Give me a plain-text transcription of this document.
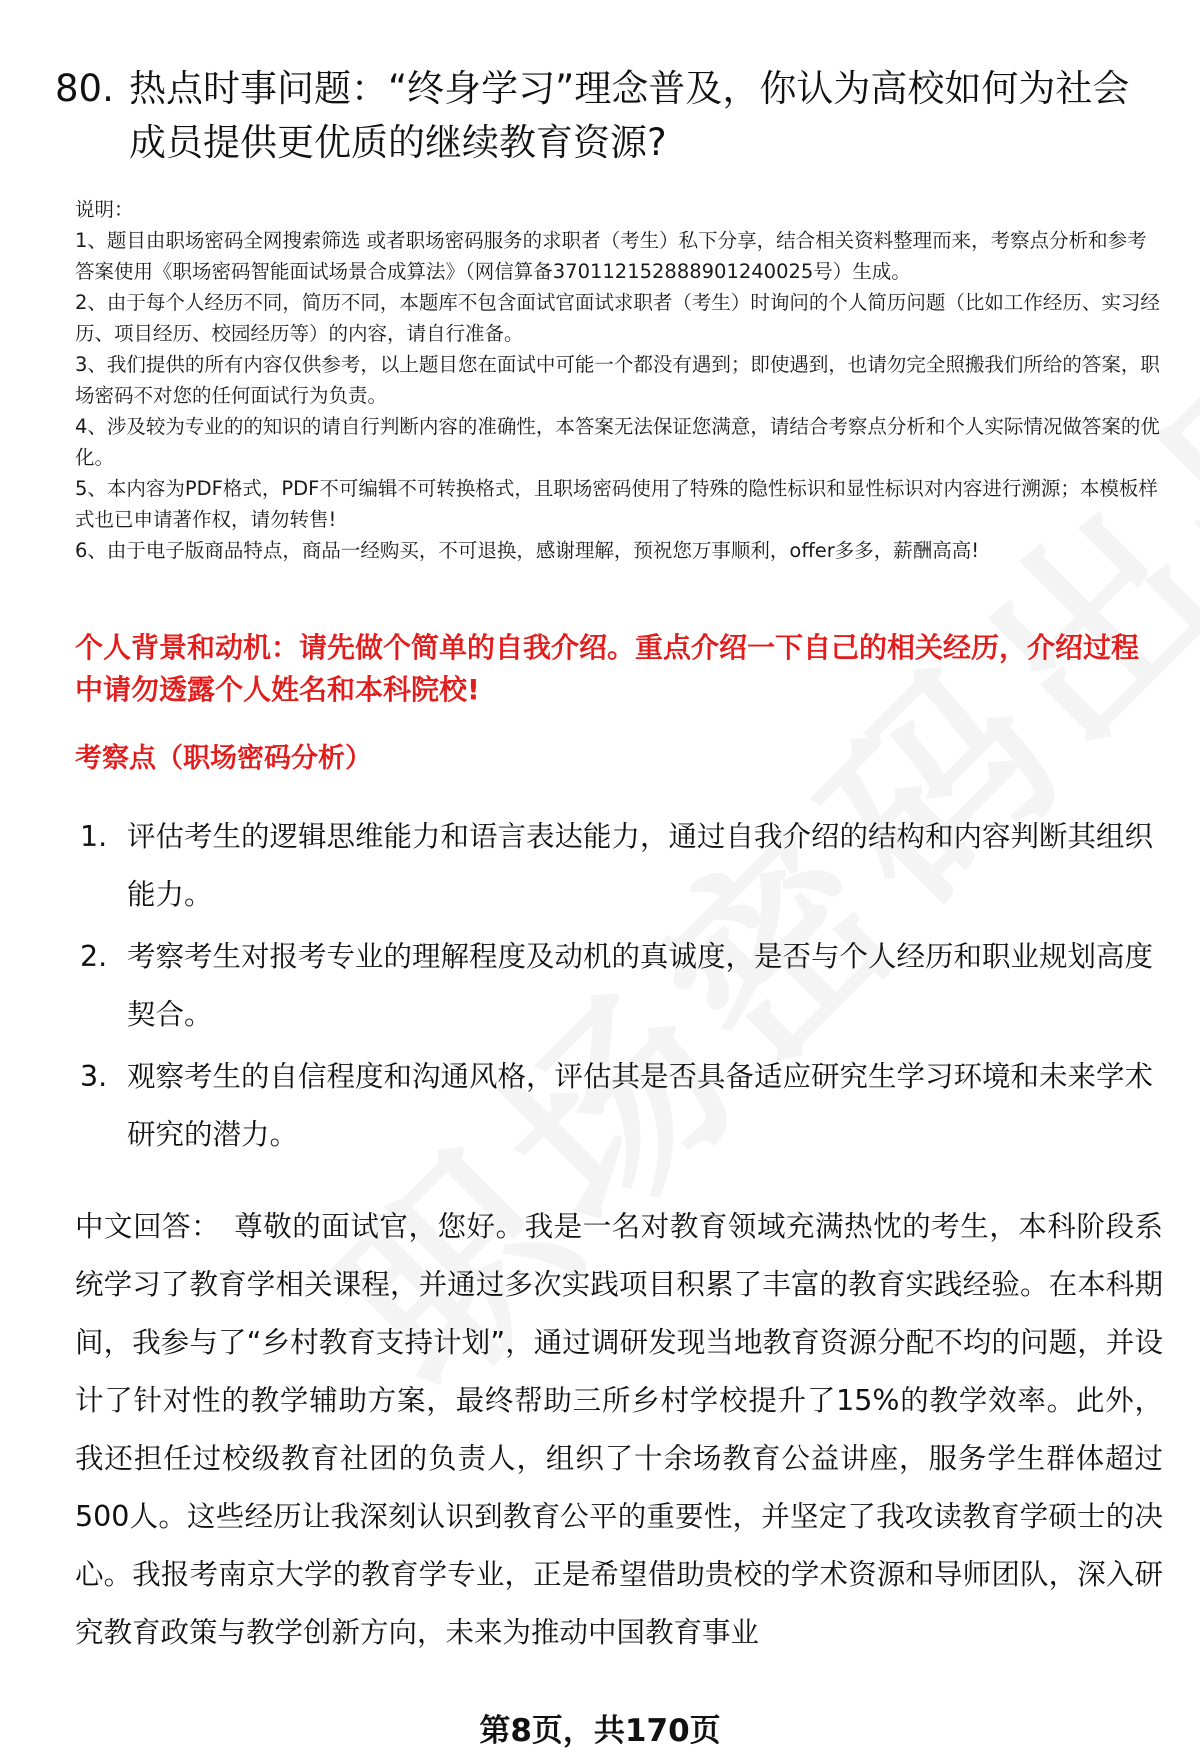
80. 热点时事问题：“终身学习”理念普及，你认为高校如何为社会成员提供更优质的继续教育资源?

说明：

1、题目由职场密码全网搜索筛选 或者职场密码服务的求职者（考生）私下分享，结合相关资料整理而来，考察点分析和参考答案使用《职场密码智能面试场景合成算法》（网信算备370112152888901240025号）生成。

2、由于每个人经历不同，简历不同，本题库不包含面试官面试求职者（考生）时询问的个人简历问题（比如工作经历、实习经历、项目经历、校园经历等）的内容，请自行准备。

3、我们提供的所有内容仅供参考，以上题目您在面试中可能一个都没有遇到；即使遇到，也请勿完全照搬我们所给的答案，职场密码不对您的任何面试行为负责。

4、涉及较为专业的的知识的请自行判断内容的准确性，本答案无法保证您满意，请结合考察点分析和个人实际情况做答案的优化。

5、本内容为PDF格式，PDF不可编辑不可转换格式，且职场密码使用了特殊的隐性标识和显性标识对内容进行溯源；本模板样式也已申请著作权，请勿转售!

6、由于电子版商品特点，商品一经购买，不可退换，感谢理解，预祝您万事顺利，offer多多，薪酬高高!

个人背景和动机：请先做个简单的自我介绍。重点介绍一下自己的相关经历，介绍过程中请勿透露个人姓名和本科院校!
考察点（职场密码分析）
1. 评估考生的逻辑思维能力和语言表达能力，通过自我介绍的结构和内容判断其组织能力。
2. 考察考生对报考专业的理解程度及动机的真诚度，是否与个人经历和职业规划高度契合。
3. 观察考生的自信程度和沟通风格，评估其是否具备适应研究生学习环境和未来学术研究的潜力。
中文回答： 尊敬的面试官，您好。我是一名对教育领域充满热忱的考生，本科阶段系统学习了教育学相关课程，并通过多次实践项目积累了丰富的教育实践经验。在本科期间，我参与了“乡村教育支持计划”，通过调研发现当地教育资源分配不均的问题，并设计了针对性的教学辅助方案，最终帮助三所乡村学校提升了15%的教学效率。此外，我还担任过校级教育社团的负责人，组织了十余场教育公益讲座，服务学生群体超过500人。这些经历让我深刻认识到教育公平的重要性，并坚定了我攻读教育学硕士的决心。我报考南京大学的教育学专业，正是希望借助贵校的学术资源和导师团队，深入研究教育政策与教学创新方向，未来为推动中国教育事业
第8页，共170页
